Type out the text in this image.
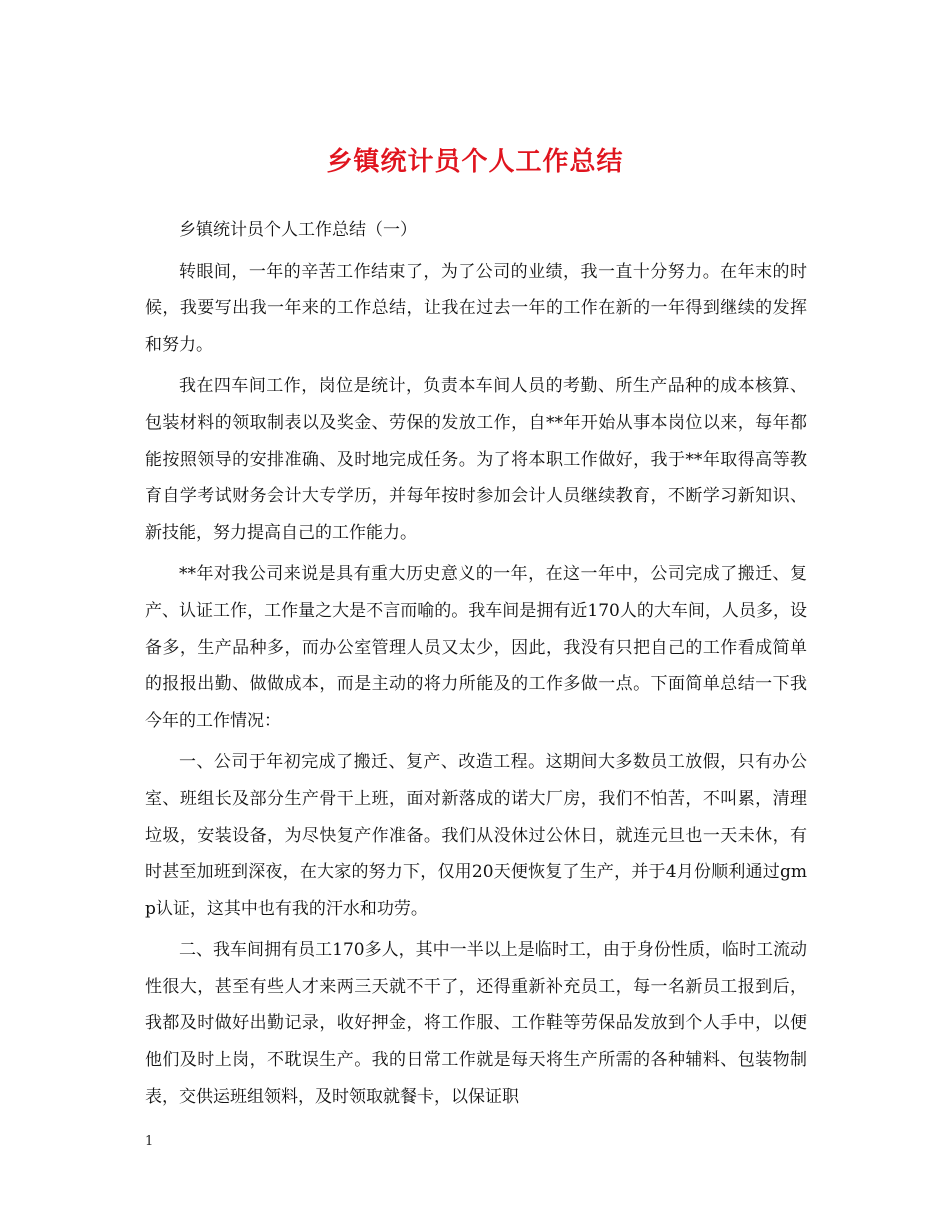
乡镇统计员个人工作总结

乡镇统计员个人工作总结（一）

转眼间，一年的辛苦工作结束了，为了公司的业绩，我一直十分努力。在年末的时候，我要写出我一年来的工作总结，让我在过去一年的工作在新的一年得到继续的发挥和努力。

我在四车间工作，岗位是统计，负责本车间人员的考勤、所生产品种的成本核算、包装材料的领取制表以及奖金、劳保的发放工作，自**年开始从事本岗位以来，每年都能按照领导的安排准确、及时地完成任务。为了将本职工作做好，我于**年取得高等教育自学考试财务会计大专学历，并每年按时参加会计人员继续教育，不断学习新知识、新技能，努力提高自己的工作能力。

**年对我公司来说是具有重大历史意义的一年，在这一年中，公司完成了搬迁、复产、认证工作，工作量之大是不言而喻的。我车间是拥有近170人的大车间，人员多，设备多，生产品种多，而办公室管理人员又太少，因此，我没有只把自己的工作看成简单的报报出勤、做做成本，而是主动的将力所能及的工作多做一点。下面简单总结一下我今年的工作情况：

一、公司于年初完成了搬迁、复产、改造工程。这期间大多数员工放假，只有办公室、班组长及部分生产骨干上班，面对新落成的诺大厂房，我们不怕苦，不叫累，清理垃圾，安装设备，为尽快复产作准备。我们从没休过公休日，就连元旦也一天未休，有时甚至加班到深夜，在大家的努力下，仅用20天便恢复了生产，并于4月份顺利通过gmp认证，这其中也有我的汗水和功劳。

二、我车间拥有员工170多人，其中一半以上是临时工，由于身份性质，临时工流动性很大，甚至有些人才来两三天就不干了，还得重新补充员工，每一名新员工报到后，我都及时做好出勤记录，收好押金，将工作服、工作鞋等劳保品发放到个人手中，以便他们及时上岗，不耽误生产。我的日常工作就是每天将生产所需的各种辅料、包装物制表，交供运班组领料，及时领取就餐卡，以保证职

1
